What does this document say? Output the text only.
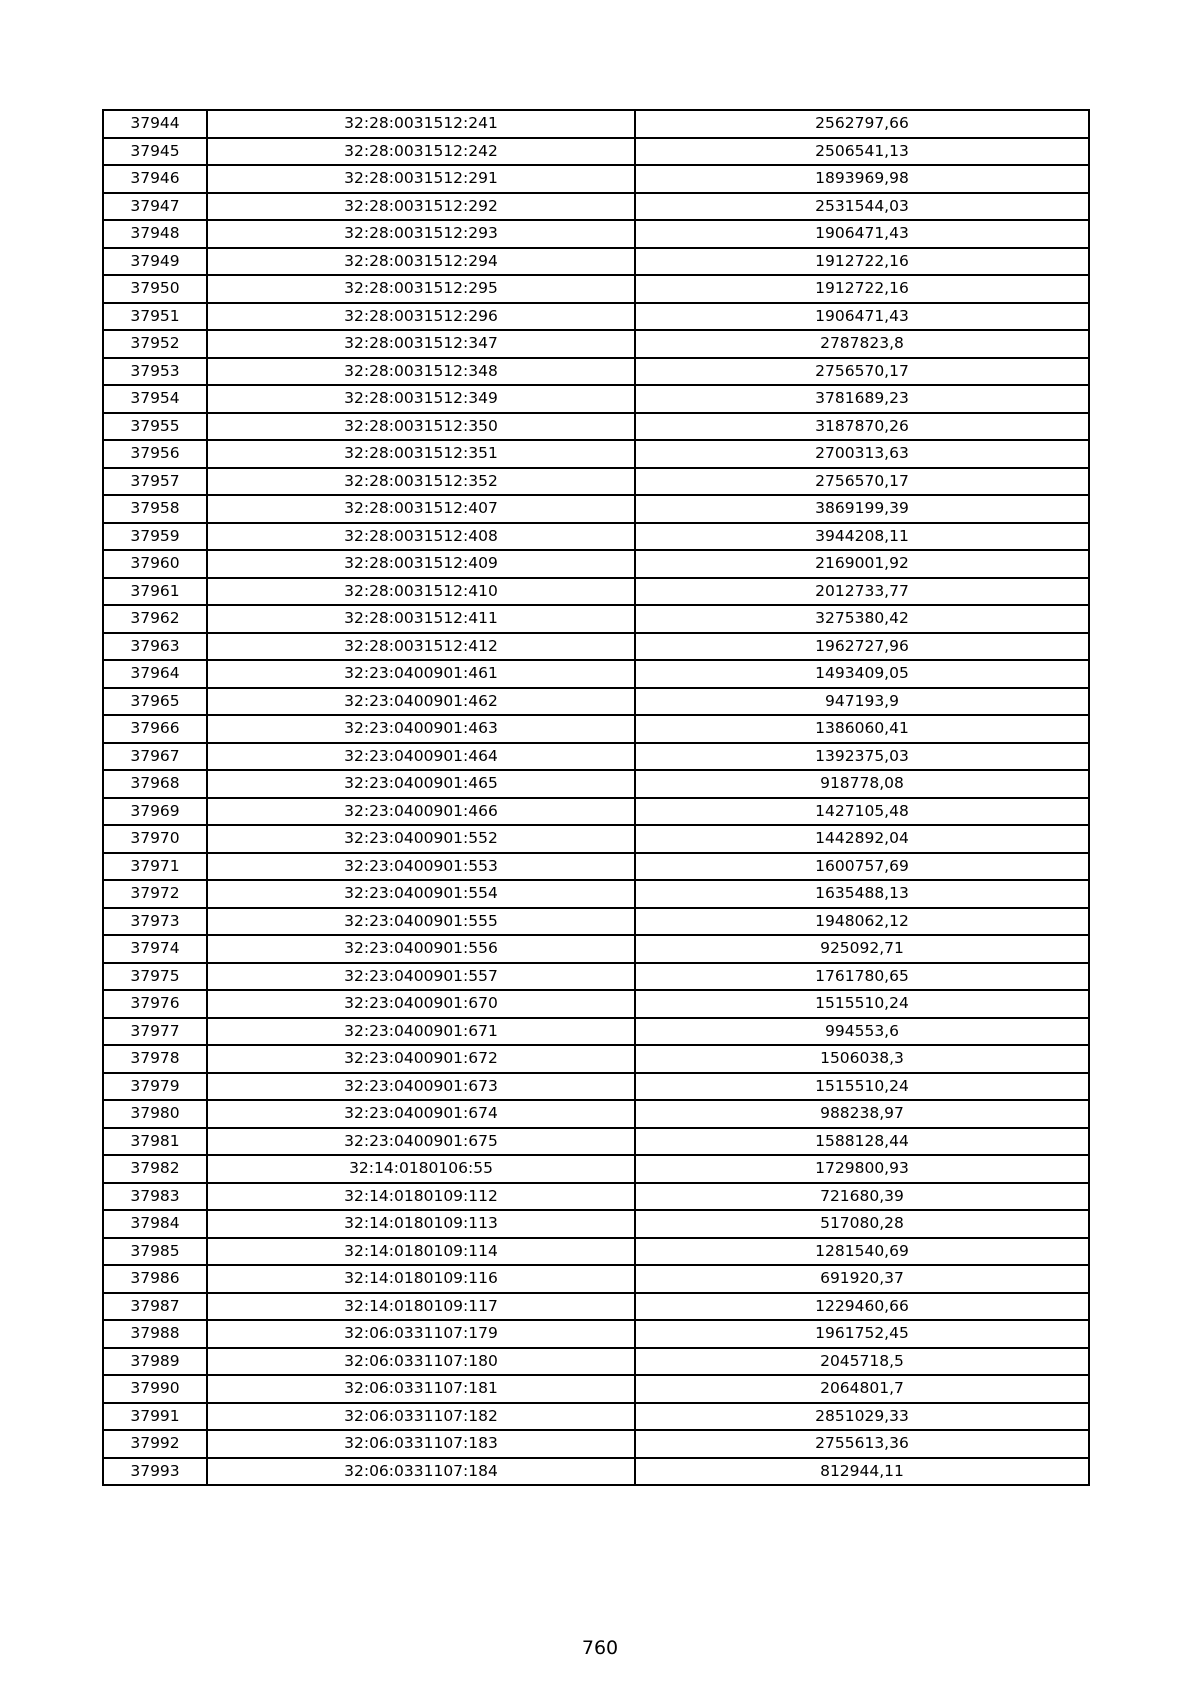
37944	32:28:0031512:241	2562797,66
37945	32:28:0031512:242	2506541,13
37946	32:28:0031512:291	1893969,98
37947	32:28:0031512:292	2531544,03
37948	32:28:0031512:293	1906471,43
37949	32:28:0031512:294	1912722,16
37950	32:28:0031512:295	1912722,16
37951	32:28:0031512:296	1906471,43
37952	32:28:0031512:347	2787823,8
37953	32:28:0031512:348	2756570,17
37954	32:28:0031512:349	3781689,23
37955	32:28:0031512:350	3187870,26
37956	32:28:0031512:351	2700313,63
37957	32:28:0031512:352	2756570,17
37958	32:28:0031512:407	3869199,39
37959	32:28:0031512:408	3944208,11
37960	32:28:0031512:409	2169001,92
37961	32:28:0031512:410	2012733,77
37962	32:28:0031512:411	3275380,42
37963	32:28:0031512:412	1962727,96
37964	32:23:0400901:461	1493409,05
37965	32:23:0400901:462	947193,9
37966	32:23:0400901:463	1386060,41
37967	32:23:0400901:464	1392375,03
37968	32:23:0400901:465	918778,08
37969	32:23:0400901:466	1427105,48
37970	32:23:0400901:552	1442892,04
37971	32:23:0400901:553	1600757,69
37972	32:23:0400901:554	1635488,13
37973	32:23:0400901:555	1948062,12
37974	32:23:0400901:556	925092,71
37975	32:23:0400901:557	1761780,65
37976	32:23:0400901:670	1515510,24
37977	32:23:0400901:671	994553,6
37978	32:23:0400901:672	1506038,3
37979	32:23:0400901:673	1515510,24
37980	32:23:0400901:674	988238,97
37981	32:23:0400901:675	1588128,44
37982	32:14:0180106:55	1729800,93
37983	32:14:0180109:112	721680,39
37984	32:14:0180109:113	517080,28
37985	32:14:0180109:114	1281540,69
37986	32:14:0180109:116	691920,37
37987	32:14:0180109:117	1229460,66
37988	32:06:0331107:179	1961752,45
37989	32:06:0331107:180	2045718,5
37990	32:06:0331107:181	2064801,7
37991	32:06:0331107:182	2851029,33
37992	32:06:0331107:183	2755613,36
37993	32:06:0331107:184	812944,11
760
